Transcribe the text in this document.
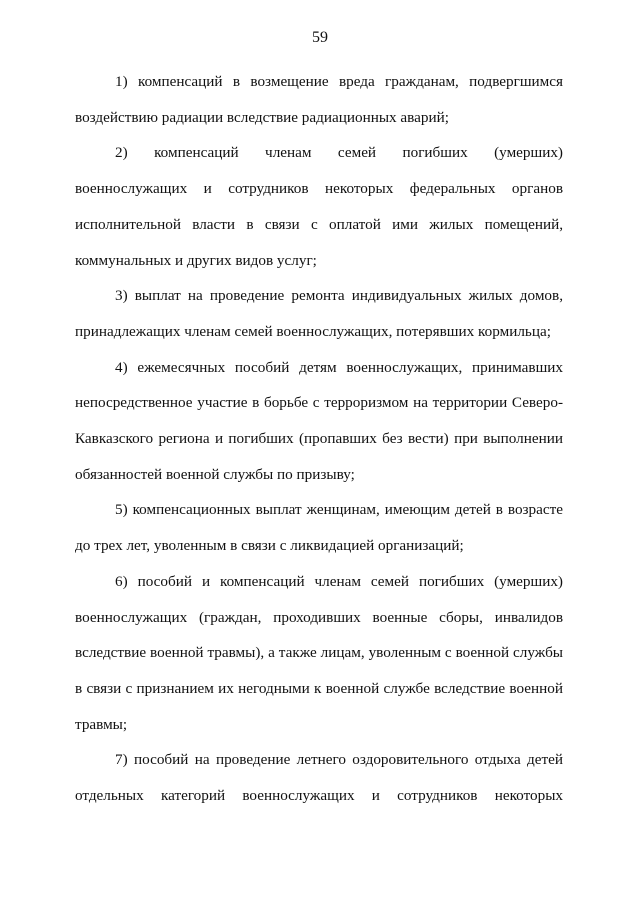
59

1) компенсаций в возмещение вреда гражданам, подвергшимся воздействию радиации вследствие радиационных аварий;

2) компенсаций членам семей погибших (умерших) военнослужащих и сотрудников некоторых федеральных органов исполнительной власти в связи с оплатой ими жилых помещений, коммунальных и других видов услуг;

3) выплат на проведение ремонта индивидуальных жилых домов, принадлежащих членам семей военнослужащих, потерявших кормильца;

4) ежемесячных пособий детям военнослужащих, принимавших непосредственное участие в борьбе с терроризмом на территории Северо-Кавказского региона и погибших (пропавших без вести) при выполнении обязанностей военной службы по призыву;

5) компенсационных выплат женщинам, имеющим детей в возрасте до трех лет, уволенным в связи с ликвидацией организаций;

6) пособий и компенсаций членам семей погибших (умерших) военнослужащих (граждан, проходивших военные сборы, инвалидов вследствие военной травмы), а также лицам, уволенным с военной службы в связи с признанием их негодными к военной службе вследствие военной травмы;

7) пособий на проведение летнего оздоровительного отдыха детей отдельных категорий военнослужащих и сотрудников некоторых
